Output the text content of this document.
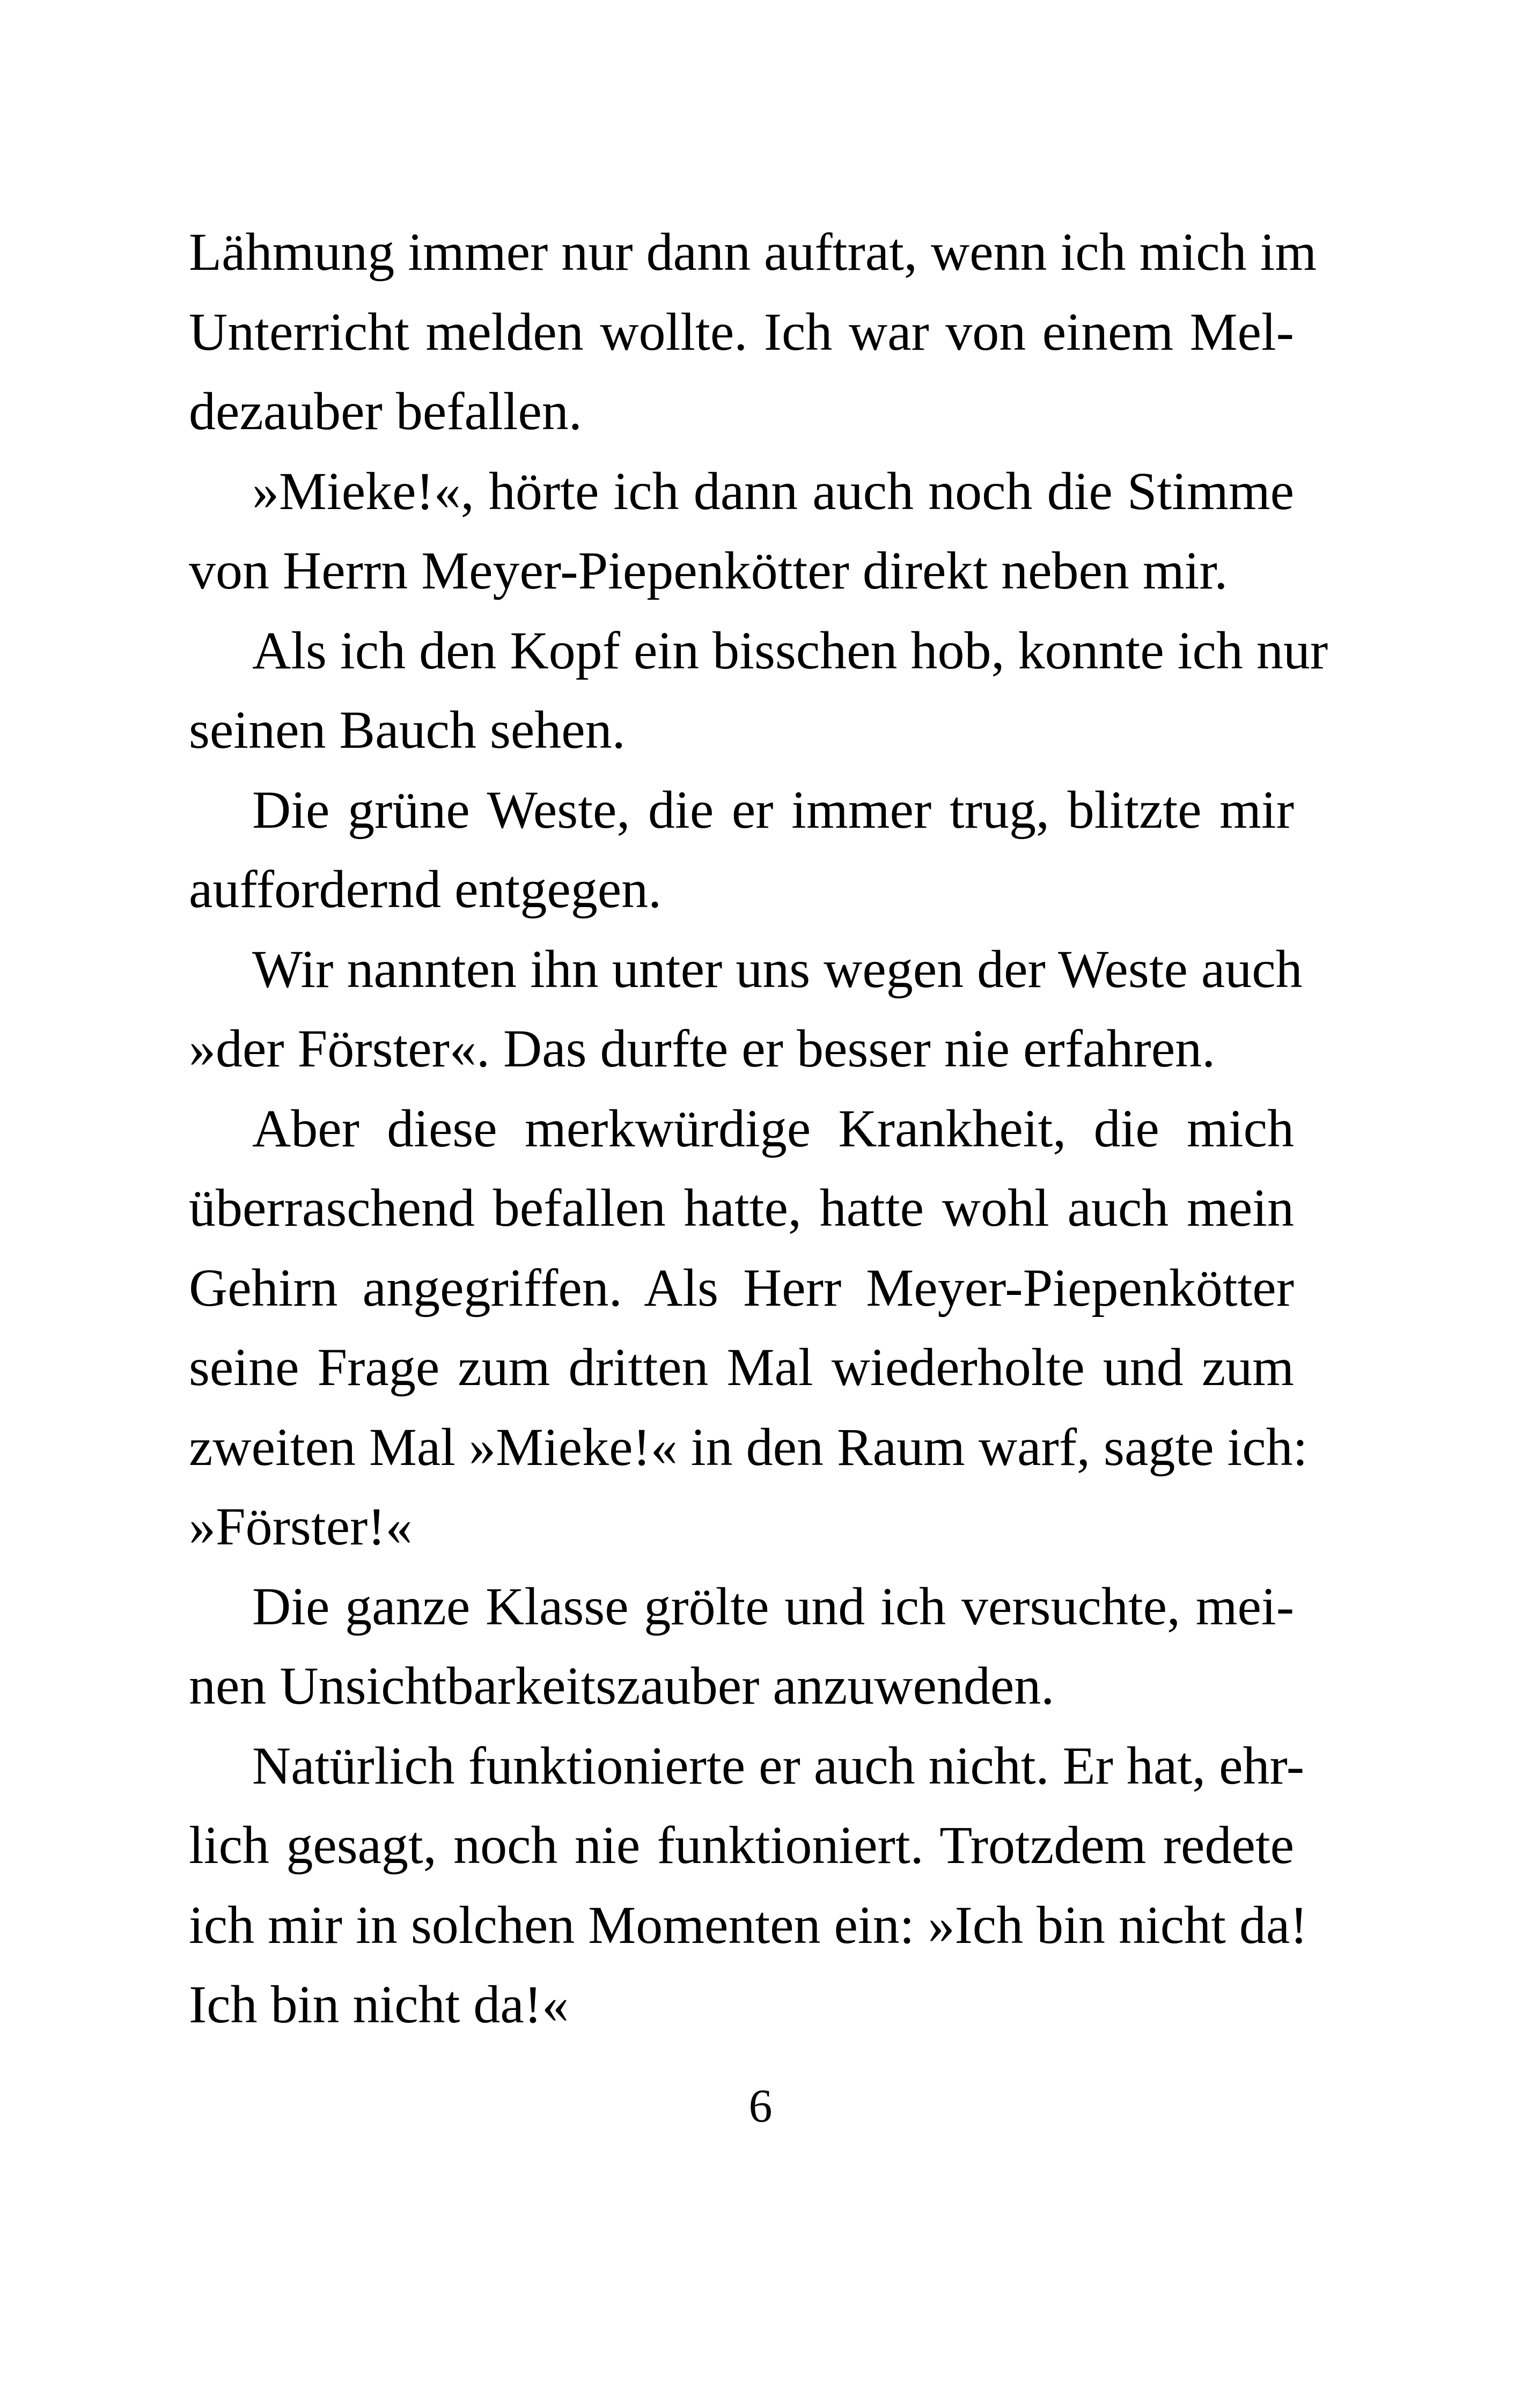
Lähmung immer nur dann auftrat, wenn ich mich im
Unterricht melden wollte. Ich war von einem Mel-
dezauber befallen.
»Mieke!«, hörte ich dann auch noch die Stimme
von Herrn Meyer-Piepenkötter direkt neben mir.
Als ich den Kopf ein bisschen hob, konnte ich nur
seinen Bauch sehen.
Die grüne Weste, die er immer trug, blitzte mir
auffordernd entgegen.
Wir nannten ihn unter uns wegen der Weste auch
»der Förster«. Das durfte er besser nie erfahren.
Aber diese merkwürdige Krankheit, die mich
überraschend befallen hatte, hatte wohl auch mein
Gehirn angegriffen. Als Herr Meyer-Piepenkötter
seine Frage zum dritten Mal wiederholte und zum
zweiten Mal »Mieke!« in den Raum warf, sagte ich:
»Förster!«
Die ganze Klasse grölte und ich versuchte, mei-
nen Unsichtbarkeitszauber anzuwenden.
Natürlich funktionierte er auch nicht. Er hat, ehr-
lich gesagt, noch nie funktioniert. Trotzdem redete
ich mir in solchen Momenten ein: »Ich bin nicht da!
Ich bin nicht da!«
6
